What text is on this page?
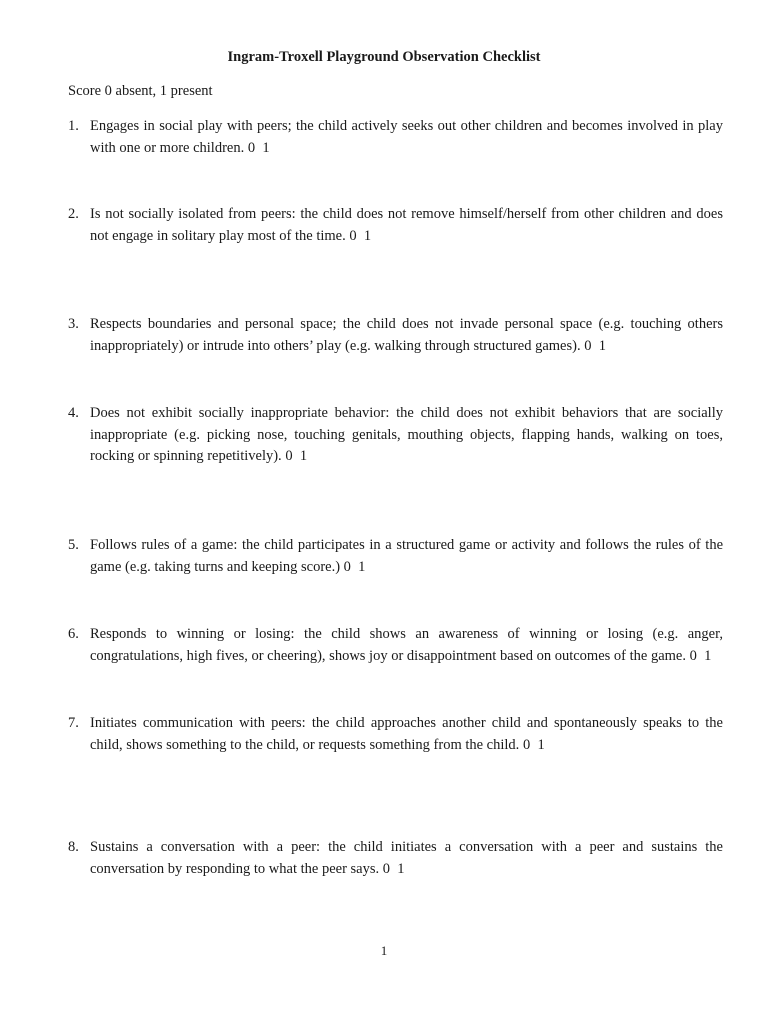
Ingram-Troxell Playground Observation Checklist
Score 0 absent, 1 present
1. Engages in social play with peers; the child actively seeks out other children and becomes involved in play with one or more children. 0  1
2. Is not socially isolated from peers: the child does not remove himself/herself from other children and does not engage in solitary play most of the time. 0  1
3. Respects boundaries and personal space; the child does not invade personal space (e.g. touching others inappropriately) or intrude into others’ play (e.g. walking through structured games). 0  1
4. Does not exhibit socially inappropriate behavior: the child does not exhibit behaviors that are socially inappropriate (e.g. picking nose, touching genitals, mouthing objects, flapping hands, walking on toes, rocking or spinning repetitively). 0  1
5. Follows rules of a game: the child participates in a structured game or activity and follows the rules of the game (e.g. taking turns and keeping score.) 0  1
6. Responds to winning or losing: the child shows an awareness of winning or losing (e.g. anger, congratulations, high fives, or cheering), shows joy or disappointment based on outcomes of the game. 0  1
7. Initiates communication with peers: the child approaches another child and spontaneously speaks to the child, shows something to the child, or requests something from the child. 0  1
8. Sustains a conversation with a peer: the child initiates a conversation with a peer and sustains the conversation by responding to what the peer says. 0  1
1
